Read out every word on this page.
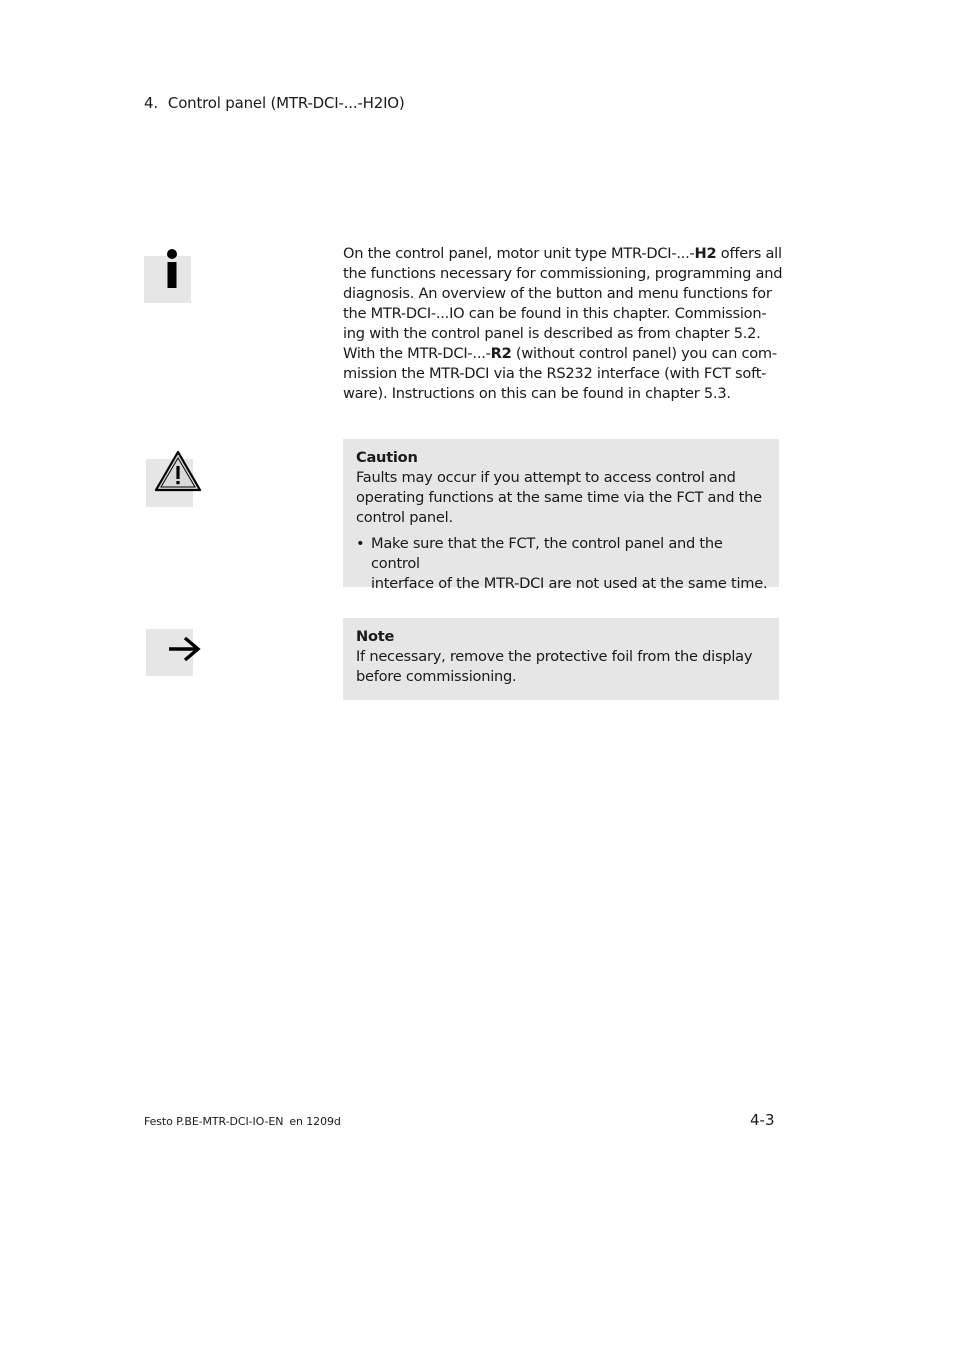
4. Control panel (MTR-DCI-...-H2IO)

On the control panel, motor unit type MTR-DCI-...-H2 offers all

the functions necessary for commissioning, programming and

diagnosis. An overview of the button and menu functions for

the MTR-DCI-...IO can be found in this chapter. Commission-

ing with the control panel is described as from chapter 5.2.

With the MTR-DCI-...-R2 (without control panel) you can com-

mission the MTR-DCI via the RS232 interface (with FCT soft-

ware). Instructions on this can be found in chapter 5.3.

Caution

Faults may occur if you attempt to access control and

operating functions at the same time via the FCT and the

control panel.

• Make sure that the FCT, the control panel and the control

interface of the MTR-DCI are not used at the same time.

Note

If necessary, remove the protective foil from the display

before commissioning.

Festo P.BE-MTR-DCI-IO-EN en 1209d	4-3
